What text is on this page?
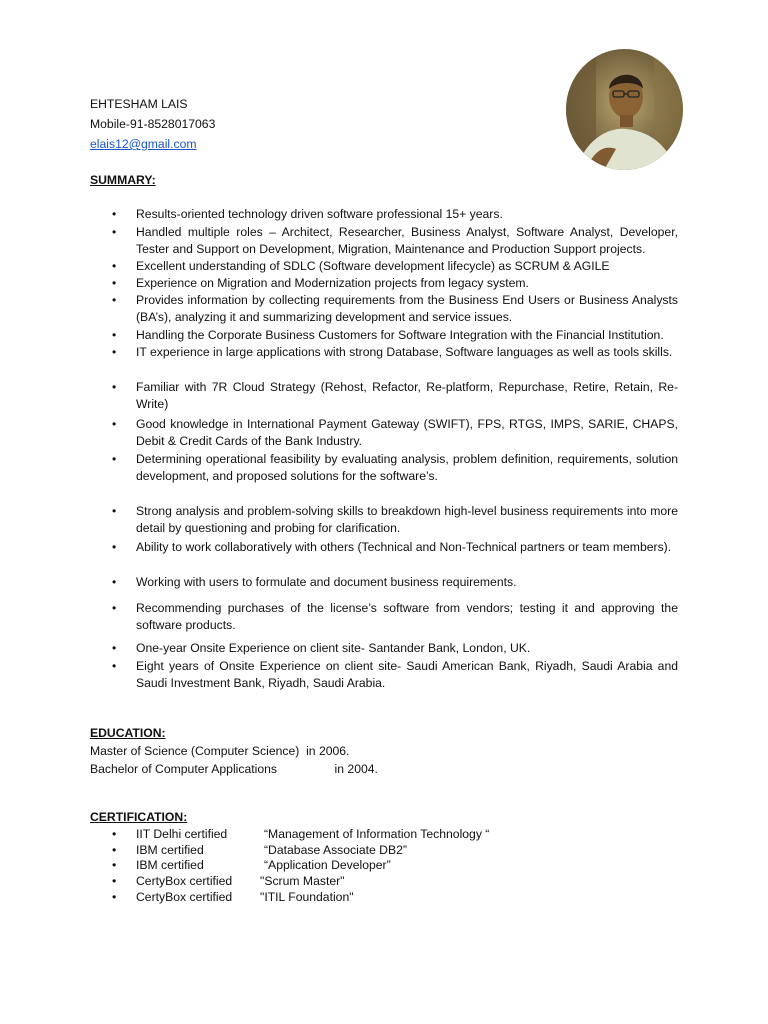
EHTESHAM LAIS
Mobile-91-8528017063
elais12@gmail.com
SUMMARY:
• Results-oriented technology driven software professional 15+ years.
• Handled multiple roles – Architect, Researcher, Business Analyst, Software Analyst, Developer, Tester and Support on Development, Migration, Maintenance and Production Support projects.
• Excellent understanding of SDLC (Software development lifecycle) as SCRUM & AGILE
• Experience on Migration and Modernization projects from legacy system.
• Provides information by collecting requirements from the Business End Users or Business Analysts (BA’s), analyzing it and summarizing development and service issues.
• Handling the Corporate Business Customers for Software Integration with the Financial Institution.
• IT experience in large applications with strong Database, Software languages as well as tools skills.
• Familiar with 7R Cloud Strategy (Rehost, Refactor, Re-platform, Repurchase, Retire, Retain, Re-Write)
• Good knowledge in International Payment Gateway (SWIFT), FPS, RTGS, IMPS, SARIE, CHAPS, Debit & Credit Cards of the Bank Industry.
• Determining operational feasibility by evaluating analysis, problem definition, requirements, solution development, and proposed solutions for the software’s.
• Strong analysis and problem-solving skills to breakdown high-level business requirements into more detail by questioning and probing for clarification.
• Ability to work collaboratively with others (Technical and Non-Technical partners or team members).
• Working with users to formulate and document business requirements.
• Recommending purchases of the license’s software from vendors; testing it and approving the software products.
• One-year Onsite Experience on client site- Santander Bank, London, UK.
• Eight years of Onsite Experience on client site- Saudi American Bank, Riyadh, Saudi Arabia and Saudi Investment Bank, Riyadh, Saudi Arabia.
EDUCATION:
Master of Science (Computer Science)  in 2006.
Bachelor of Computer Applications                 in 2004.
CERTIFICATION:
• IIT Delhi certified	“Management of Information Technology “
• IBM certified	“Database Associate DB2”
• IBM certified	“Application Developer”
• CertyBox certified "Scrum Master"
• CertyBox certified "ITIL Foundation"
